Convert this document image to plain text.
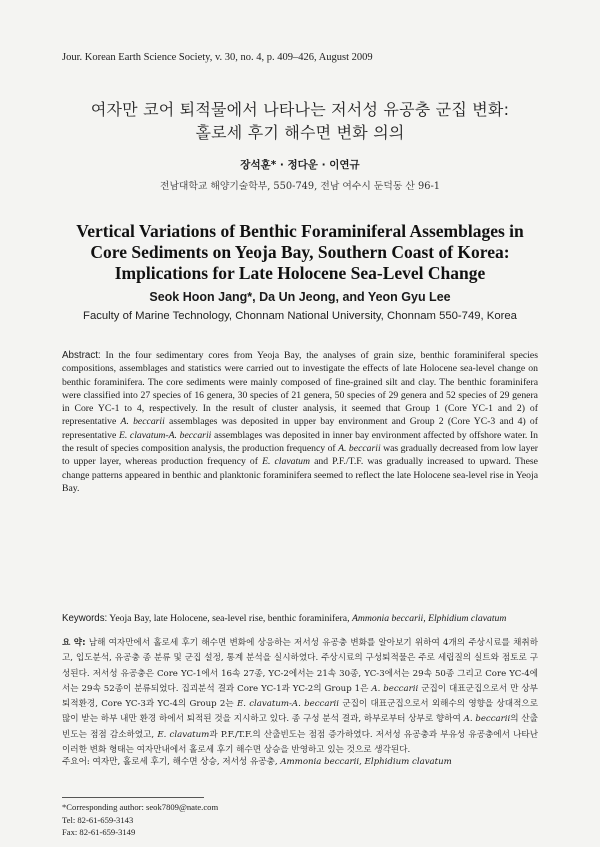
Jour. Korean Earth Science Society, v. 30, no. 4, p. 409–426, August 2009
여자만 코어 퇴적물에서 나타나는 저서성 유공충 군집 변화:
홀로세 후기 해수면 변화 의의
장석훈* · 정다운 · 이연규
전남대학교 해양기술학부, 550-749, 전남 여수시 둔덕동 산 96-1
Vertical Variations of Benthic Foraminiferal Assemblages in
Core Sediments on Yeoja Bay, Southern Coast of Korea:
Implications for Late Holocene Sea-Level Change
Seok Hoon Jang*, Da Un Jeong, and Yeon Gyu Lee
Faculty of Marine Technology, Chonnam National University, Chonnam 550-749, Korea
Abstract: In the four sedimentary cores from Yeoja Bay, the analyses of grain size, benthic foraminiferal species compositions, assemblages and statistics were carried out to investigate the effects of late Holocene sea-level change on benthic foraminifera. The core sediments were mainly composed of fine-grained silt and clay. The benthic foraminifera were classified into 27 species of 16 genera, 30 species of 21 genera, 50 species of 29 genera and 52 species of 29 genera in Core YC-1 to 4, respectively. In the result of cluster analysis, it seemed that Group 1 (Core YC-1 and 2) of representative A. beccarii assemblages was deposited in upper bay environment and Group 2 (Core YC-3 and 4) of representative E. clavatum-A. beccarii assemblages was deposited in inner bay environment affected by offshore water. In the result of species composition analysis, the production frequency of A. beccarii was gradually decreased from low layer to upper layer, whereas production frequency of E. clavatum and P.F./T.F. was gradually increased to upward. These change patterns appeared in benthic and planktonic foraminifera seemed to reflect the late Holocene sea-level rise in Yeoja Bay.
Keywords: Yeoja Bay, late Holocene, sea-level rise, benthic foraminifera, Ammonia beccarii, Elphidium clavatum
요 약: 남해 여자만에서 홀로세 후기 해수면 변화에 상응하는 저서성 유공충 변화를 알아보기 위하여 4개의 주상시료를 채취하고, 입도분석, 유공충 종 분류 및 군집 설정, 통계 분석을 실시하였다. 주상시료의 구성퇴적물은 주로 세립질의 실트와 점토로 구성된다. 저서성 유공충은 Core YC-1에서 16속 27종, YC-2에서는 21속 30종, YC-3에서는 29속 50종 그리고 Core YC-4에서는 29속 52종이 분류되었다. 집괴분석 결과 Core YC-1과 YC-2의 Group 1은 A. beccarii 군집이 대표군집으로서 만 상부 퇴적환경, Core YC-3과 YC-4의 Group 2는 E. clavatum-A. beccarii 군집이 대표군집으로서 외해수의 영향을 상대적으로 많이 받는 하부 내만 환경 하에서 퇴적된 것을 지시하고 있다. 종 구성 분석 결과, 하부로부터 상부로 향하여 A. beccarii의 산출빈도는 점점 감소하였고, E. clavatum과 P.F./T.F.의 산출빈도는 점점 증가하였다. 저서성 유공충과 부유성 유공충에서 나타난 이러한 변화 형태는 여자만내에서 홀로세 후기 해수면 상승을 반영하고 있는 것으로 생각된다.
주요어: 여자만, 홀로세 후기, 해수면 상승, 저서성 유공충, Ammonia beccarii, Elphidium clavatum
*Corresponding author: seok7809@nate.com
Tel: 82-61-659-3143
Fax: 82-61-659-3149
